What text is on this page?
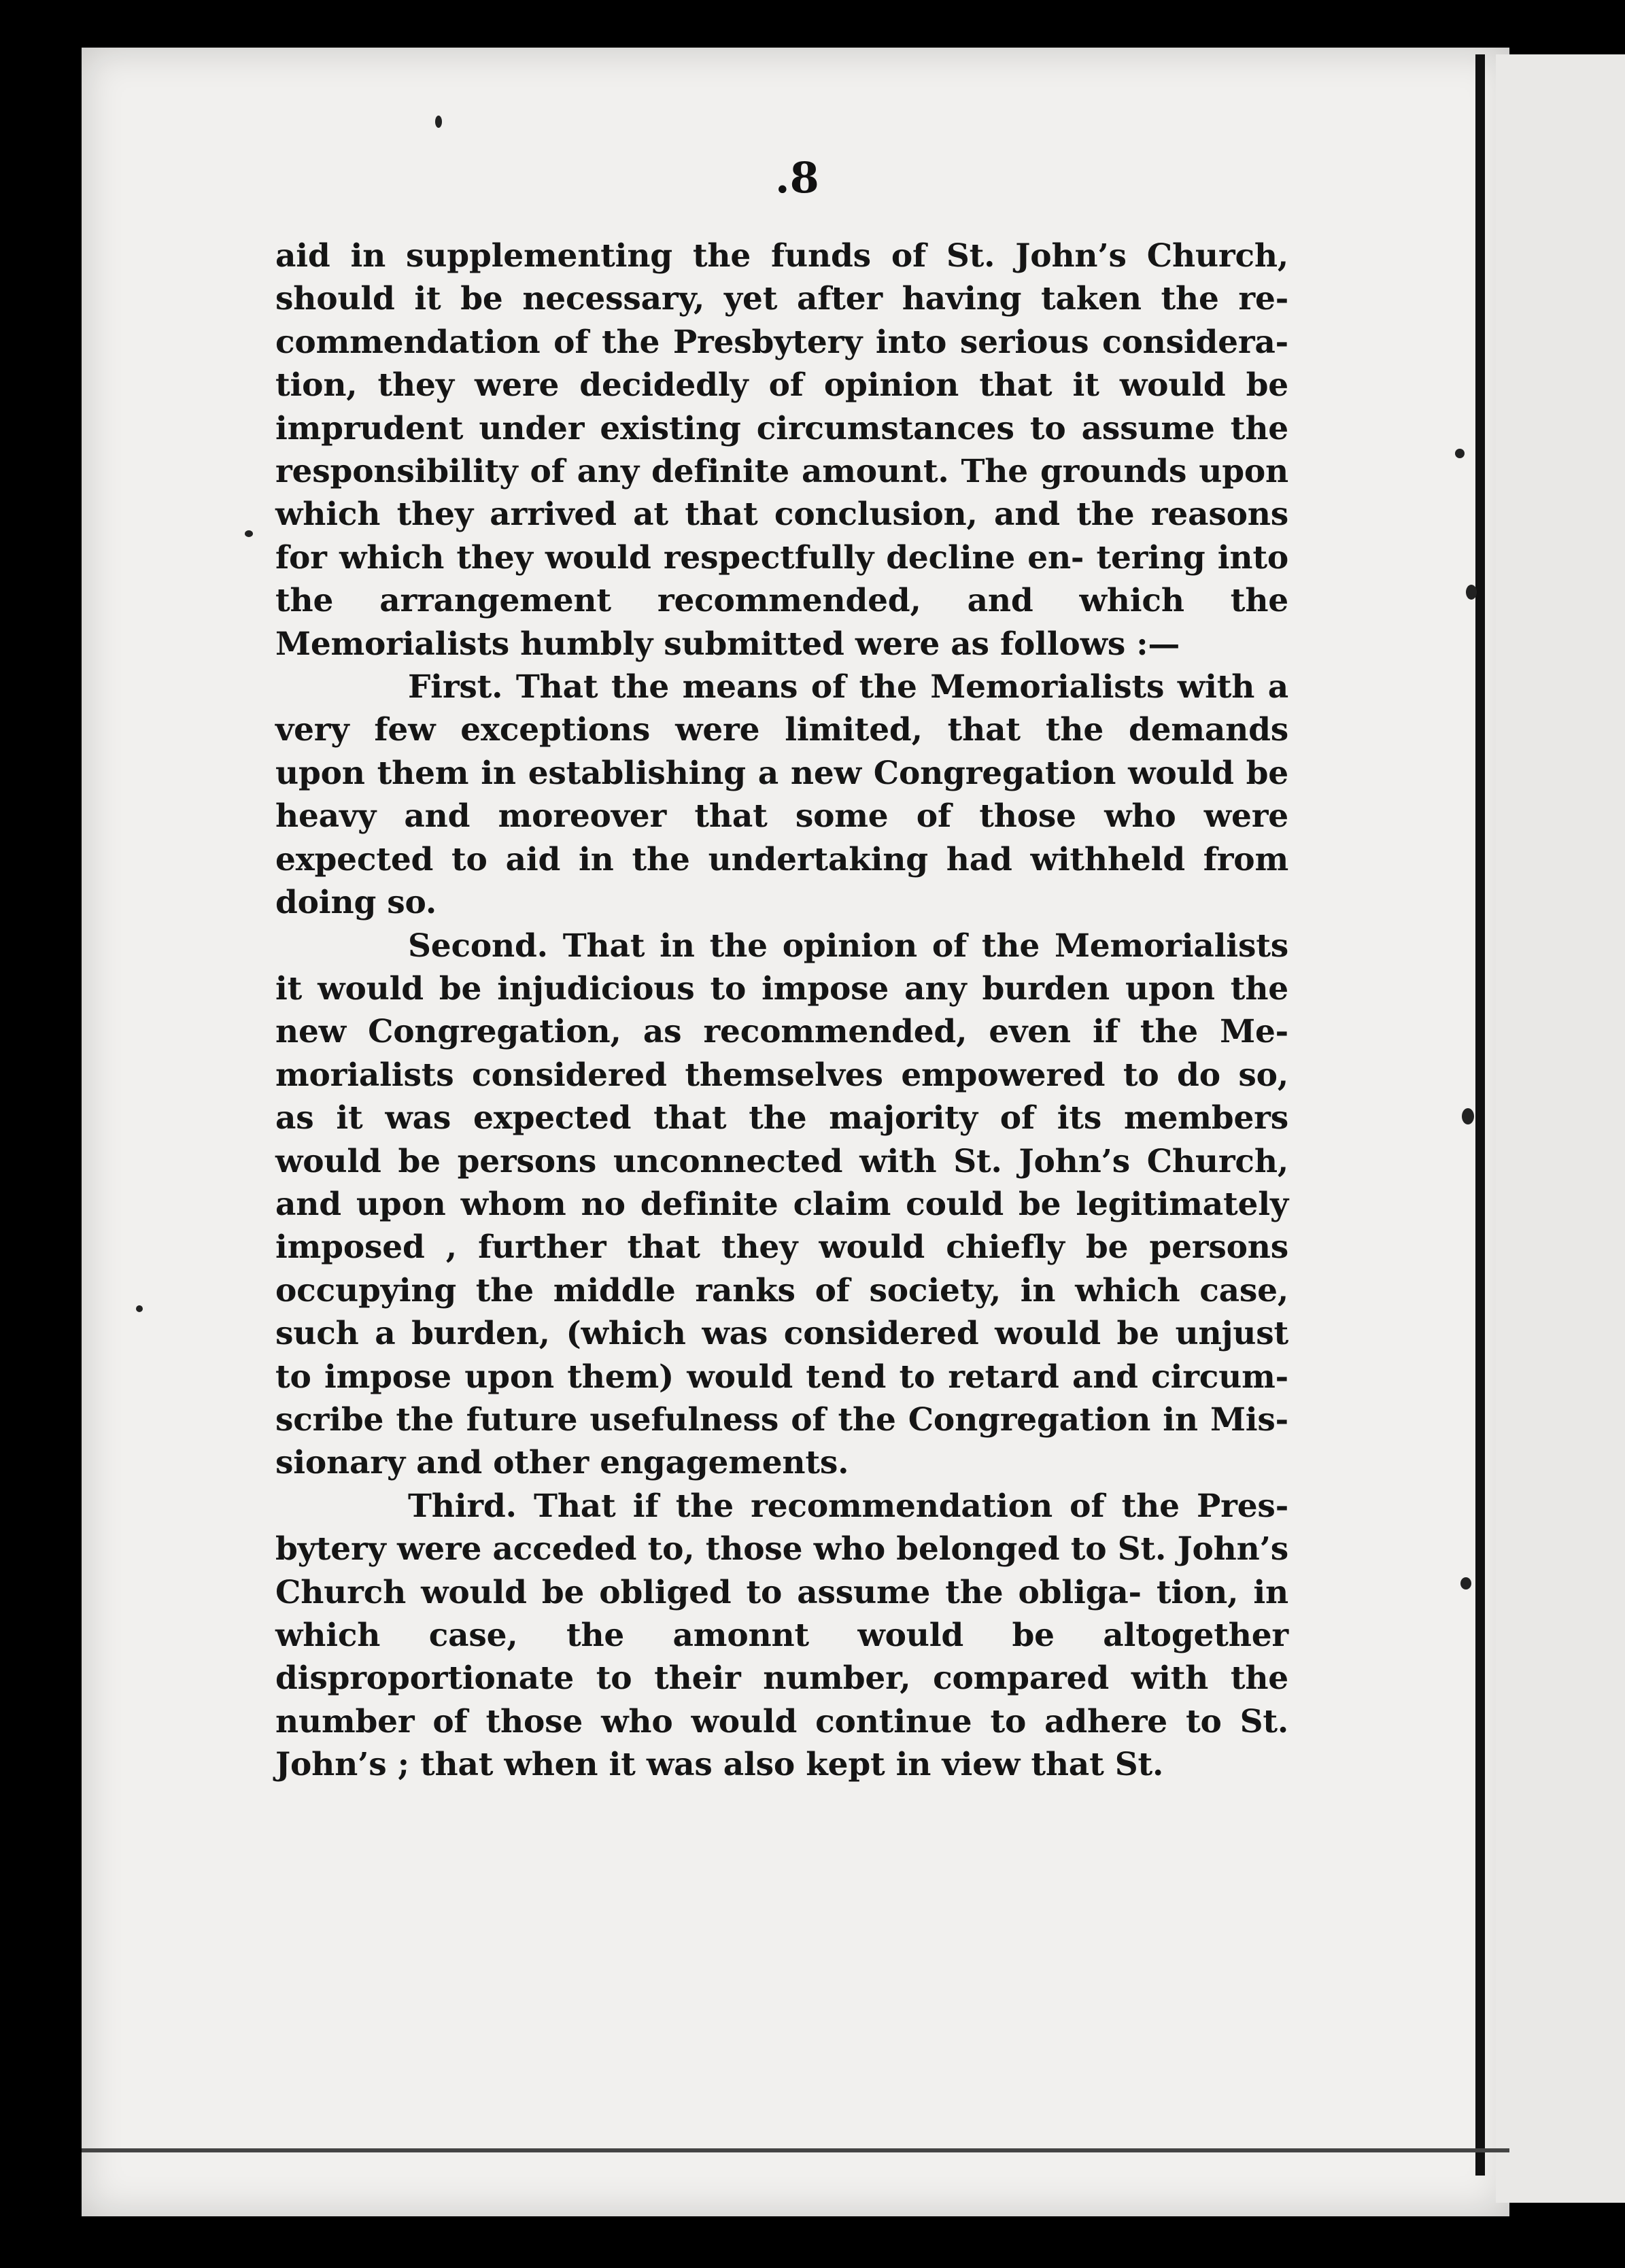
.8

aid in supplementing the funds of St. John’s Church, should it be necessary, yet after having taken the re- commendation of the Presbytery into serious considera- tion, they were decidedly of opinion that it would be imprudent under existing circumstances to assume the responsibility of any definite amount. The grounds upon which they arrived at that conclusion, and the reasons for which they would respectfully decline en- tering into the arrangement recommended, and which the Memorialists humbly submitted were as follows :—

First. That the means of the Memorialists with a very few exceptions were limited, that the demands upon them in establishing a new Congregation would be heavy and moreover that some of those who were expected to aid in the undertaking had withheld from doing so.

Second. That in the opinion of the Memorialists it would be injudicious to impose any burden upon the new Congregation, as recommended, even if the Me- morialists considered themselves empowered to do so, as it was expected that the majority of its members would be persons unconnected with St. John’s Church, and upon whom no definite claim could be legitimately imposed , further that they would chiefly be persons occupying the middle ranks of society, in which case, such a burden, (which was considered would be unjust to impose upon them) would tend to retard and circum- scribe the future usefulness of the Congregation in Mis- sionary and other engagements.

Third. That if the recommendation of the Pres- bytery were acceded to, those who belonged to St. John’s Church would be obliged to assume the obliga- tion, in which case, the amonnt would be altogether disproportionate to their number, compared with the number of those who would continue to adhere to St. John’s ; that when it was also kept in view that St.
